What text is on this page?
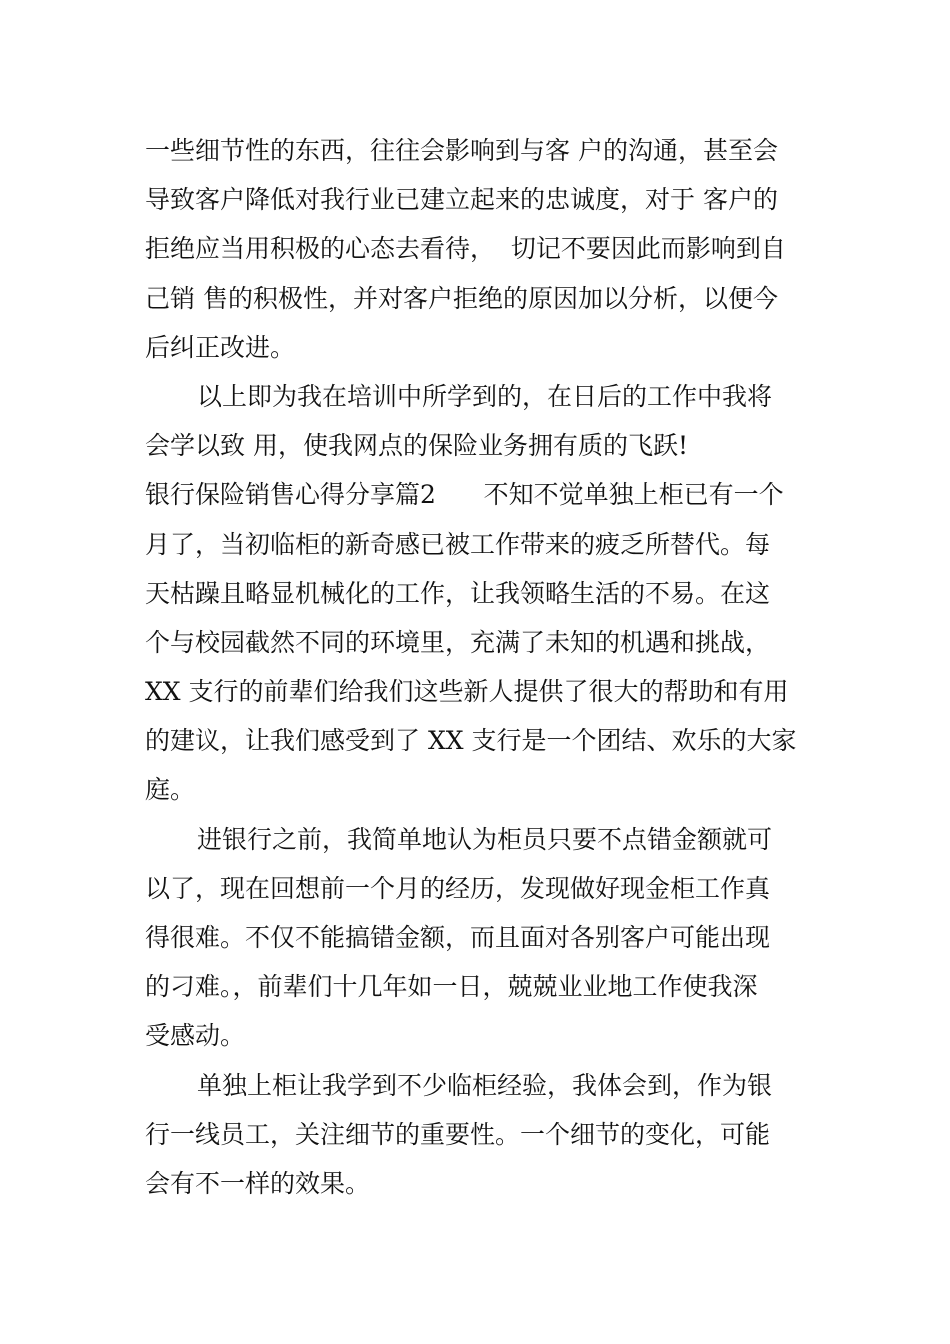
一些细节性的东西，往往会影响到与客 户的沟通，甚至会
导致客户降低对我行业已建立起来的忠诚度，对于 客户的
拒绝应当用积极的心态去看待，  切记不要因此而影响到自
己销 售的积极性，并对客户拒绝的原因加以分析，以便今
后纠正改进。
以上即为我在培训中所学到的，在日后的工作中我将
会学以致 用，使我网点的保险业务拥有质的飞跃!
银行保险销售心得分享篇2      不知不觉单独上柜已有一个
月了，当初临柜的新奇感已被工作带来的疲乏所替代。每
天枯躁且略显机械化的工作，让我领略生活的不易。在这
个与校园截然不同的环境里，充满了未知的机遇和挑战，
XX 支行的前辈们给我们这些新人提供了很大的帮助和有用
的建议，让我们感受到了 XX 支行是一个团结、欢乐的大家
庭。
进银行之前，我简单地认为柜员只要不点错金额就可
以了，现在回想前一个月的经历，发现做好现金柜工作真
得很难。不仅不能搞错金额，而且面对各别客户可能出现
的刁难。，前辈们十几年如一日，兢兢业业地工作使我深
受感动。
单独上柜让我学到不少临柜经验，我体会到，作为银
行一线员工，关注细节的重要性。一个细节的变化，可能
会有不一样的效果。
